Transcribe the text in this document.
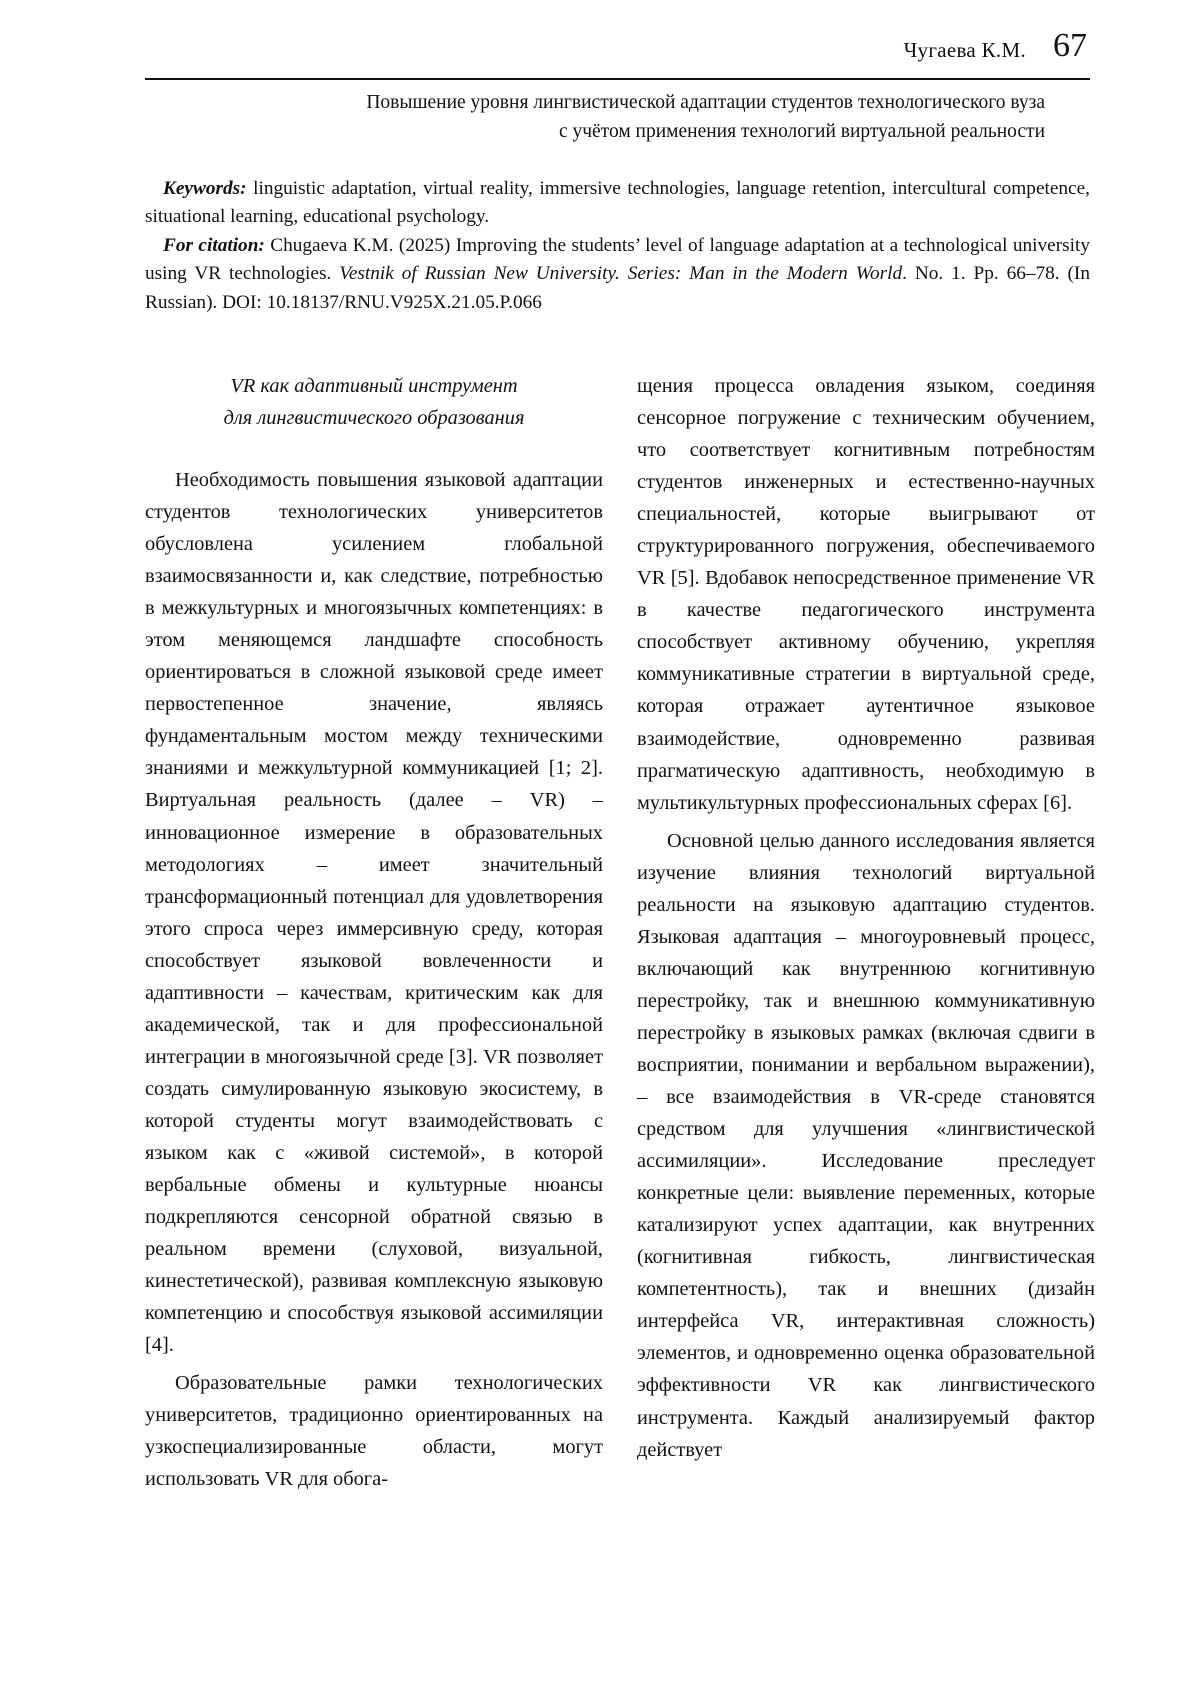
Чугаева К.М. 67
Повышение уровня лингвистической адаптации студентов технологического вуза
с учётом применения технологий виртуальной реальности

Keywords: linguistic adaptation, virtual reality, immersive technologies, language retention, intercultural competence, situational learning, educational psychology.

For citation: Chugaeva K.M. (2025) Improving the students’ level of language adaptation at a technological university using VR technologies. Vestnik of Russian New University. Series: Man in the Modern World. No. 1. Pp. 66–78. (In Russian). DOI: 10.18137/RNU.V925X.21.05.P.066

VR как адаптивный инструмент
для лингвистического образования

Необходимость повышения языковой адаптации студентов технологических университетов обусловлена усилением глобальной взаимосвязанности и, как следствие, потребностью в межкультурных и многоязычных компетенциях: в этом меняющемся ландшафте способность ориентироваться в сложной языковой среде имеет первостепенное значение, являясь фундаментальным мостом между техническими знаниями и межкультурной коммуникацией [1; 2]. Виртуальная реальность (далее – VR) – инновационное измерение в образовательных методологиях – имеет значительный трансформационный потенциал для удовлетворения этого спроса через иммерсивную среду, которая способствует языковой вовлеченности и адаптивности – качествам, критическим как для академической, так и для профессиональной интеграции в многоязычной среде [3]. VR позволяет создать симулированную языковую экосистему, в которой студенты могут взаимодействовать с языком как с «живой системой», в которой вербальные обмены и культурные нюансы подкрепляются сенсорной обратной связью в реальном времени (слуховой, визуальной, кинестетической), развивая комплексную языковую компетенцию и способствуя языковой ассимиляции [4].

Образовательные рамки технологических университетов, традиционно ориентированных на узкоспециализированные области, могут использовать VR для обога-

щения процесса овладения языком, соединяя сенсорное погружение с техническим обучением, что соответствует когнитивным потребностям студентов инженерных и естественно-научных специальностей, которые выигрывают от структурированного погружения, обеспечиваемого VR [5]. Вдобавок непосредственное применение VR в качестве педагогического инструмента способствует активному обучению, укрепляя коммуникативные стратегии в виртуальной среде, которая отражает аутентичное языковое взаимодействие, одновременно развивая прагматическую адаптивность, необходимую в мультикультурных профессиональных сферах [6].

Основной целью данного исследования является изучение влияния технологий виртуальной реальности на языковую адаптацию студентов. Языковая адаптация – многоуровневый процесс, включающий как внутреннюю когнитивную перестройку, так и внешнюю коммуникативную перестройку в языковых рамках (включая сдвиги в восприятии, понимании и вербальном выражении), – все взаимодействия в VR-среде становятся средством для улучшения «лингвистической ассимиляции». Исследование преследует конкретные цели: выявление переменных, которые катализируют успех адаптации, как внутренних (когнитивная гибкость, лингвистическая компетентность), так и внешних (дизайн интерфейса VR, интерактивная сложность) элементов, и одновременно оценка образовательной эффективности VR как лингвистического инструмента. Каждый анализируемый фактор действует
